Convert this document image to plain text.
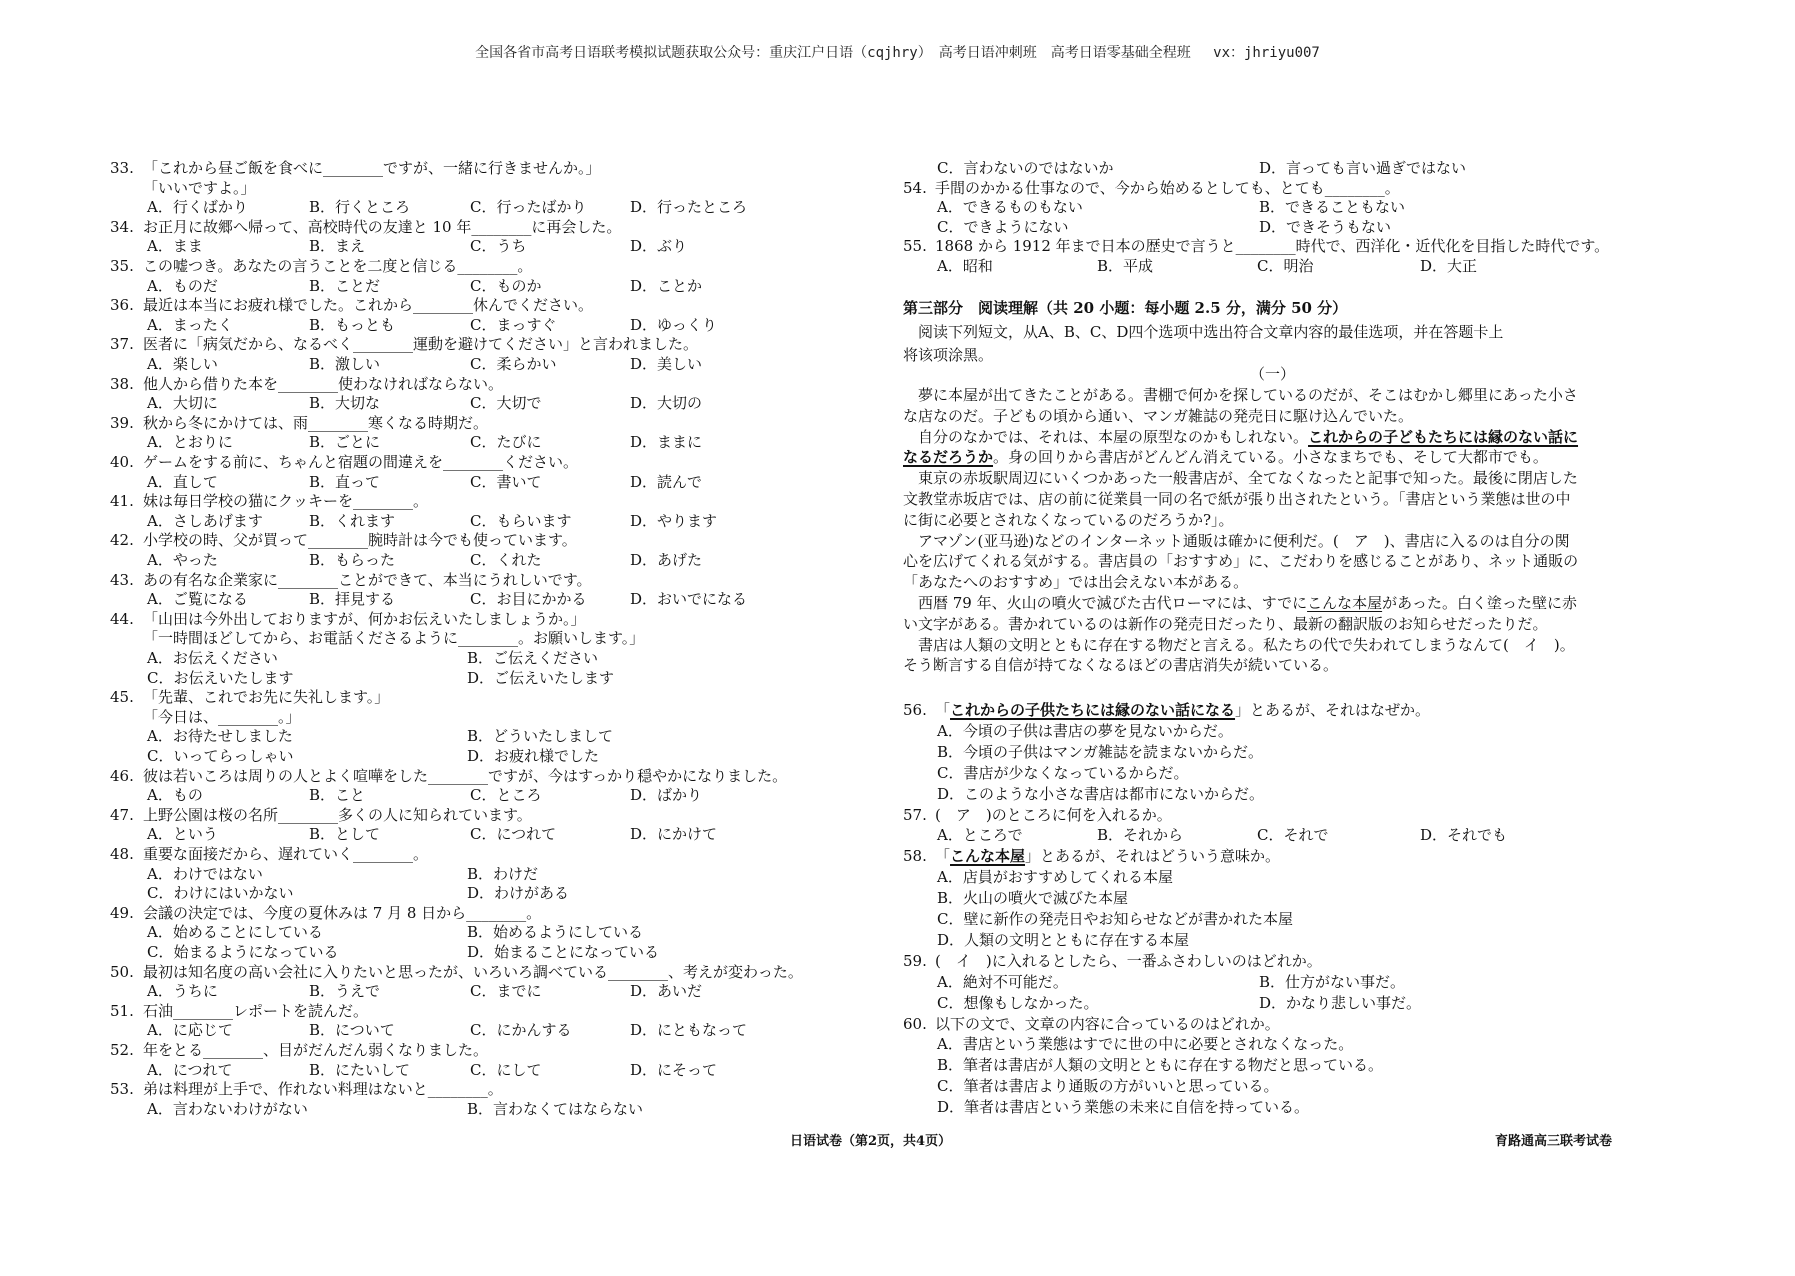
全国各省市高考日语联考模拟试题获取公众号：重庆江户日语（cqjhry）　高考日语冲刺班　高考日语零基础全程班　 vx：jhriyu007
33. 「これから昼ご飯を食べに________ですが、一緒に行きませんか。」
「いいですよ。」
A．行くばかり	B．行くところ	C．行ったばかり	D．行ったところ
34. お正月に故郷へ帰って、高校時代の友達と 10 年________に再会した。
A．まま	B．まえ	C．うち	D．ぶり
35. この嘘つき。あなたの言うことを二度と信じる________。
A．ものだ	B．ことだ	C．ものか	D．ことか
36. 最近は本当にお疲れ様でした。これから________休んでください。
A．まったく	B．もっとも	C．まっすぐ	D．ゆっくり
37. 医者に「病気だから、なるべく________運動を避けてください」と言われました。
A．楽しい	B．激しい	C．柔らかい	D．美しい
38. 他人から借りた本を________使わなければならない。
A．大切に	B．大切な	C．大切で	D．大切の
39. 秋から冬にかけては、雨________寒くなる時期だ。
A．とおりに	B．ごとに	C．たびに	D．ままに
40. ゲームをする前に、ちゃんと宿題の間違えを________ください。
A．直して	B．直って	C．書いて	D．読んで
41. 妹は毎日学校の猫にクッキーを________。
A．さしあげます	B．くれます	C．もらいます	D．やります
42. 小学校の時、父が買って________腕時計は今でも使っています。
A．やった	B．もらった	C．くれた	D．あげた
43. あの有名な企業家に________ことができて、本当にうれしいです。
A．ご覧になる	B．拝見する	C．お目にかかる	D．おいでになる
44. 「山田は今外出しておりますが、何かお伝えいたしましょうか。」
「一時間ほどしてから、お電話くださるように________。お願いします。」
A．お伝えください	B．ご伝えください
C．お伝えいたします	D．ご伝えいたします
45. 「先輩、これでお先に失礼します。」
「今日は、________。」
A．お待たせしました	B．どういたしまして
C．いってらっしゃい	D．お疲れ様でした
46. 彼は若いころは周りの人とよく喧嘩をした________ですが、今はすっかり穏やかになりました。
A．もの	B．こと	C．ところ	D．ばかり
47. 上野公園は桜の名所________多くの人に知られています。
A．という	B．として	C．につれて	D．にかけて
48. 重要な面接だから、遅れていく________。
A．わけではない	B．わけだ
C．わけにはいかない	D．わけがある
49. 会議の決定では、今度の夏休みは 7 月 8 日から________。
A．始めることにしている	B．始めるようにしている
C．始まるようになっている	D．始まることになっている
50. 最初は知名度の高い会社に入りたいと思ったが、いろいろ調べている________、考えが変わった。
A．うちに	B．うえで	C．までに	D．あいだ
51. 石油________レポートを読んだ。
A．に応じて	B．について	C．にかんする	D．にともなって
52. 年をとる________、目がだんだん弱くなりました。
A．につれて	B．にたいして	C．にして	D．にそって
53. 弟は料理が上手で、作れない料理はないと________。
A．言わないわけがない	B．言わなくてはならない
C．言わないのではないか	D．言っても言い過ぎではない
54. 手間のかかる仕事なので、今から始めるとしても、とても________。
A．できるものもない	B．できることもない
C．できようにない	D．できそうもない
55. 1868 から 1912 年まで日本の歴史で言うと________時代で、西洋化・近代化を目指した時代です。
A．昭和	B．平成	C．明治	D．大正
第三部分　阅读理解（共 20 小题：每小题 2.5 分，满分 50 分）
　阅读下列短文，从A、B、C、D四个选项中选出符合文章内容的最佳选项，并在答题卡上
将该项涂黑。
（一）
　夢に本屋が出てきたことがある。書棚で何かを探しているのだが、そこはむかし郷里にあった小さ
な店なのだ。子どもの頃から通い、マンガ雑誌の発売日に駆け込んでいた。
　自分のなかでは、それは、本屋の原型なのかもしれない。これからの子どもたちには縁のない話に
なるだろうか。身の回りから書店がどんどん消えている。小さなまちでも、そして大都市でも。
　東京の赤坂駅周辺にいくつかあった一般書店が、全てなくなったと記事で知った。最後に閉店した
文教堂赤坂店では、店の前に従業員一同の名で紙が張り出されたという。「書店という業態は世の中
に街に必要とされなくなっているのだろうか?」。
　アマゾン(亚马逊)などのインターネット通販は確かに便利だ。(　ア　)、書店に入るのは自分の関
心を広げてくれる気がする。書店員の「おすすめ」に、こだわりを感じることがあり、ネット通販の
「あなたへのおすすめ」では出会えない本がある。
　西暦 79 年、火山の噴火で滅びた古代ローマには、すでにこんな本屋があった。白く塗った壁に赤
い文字がある。書かれているのは新作の発売日だったり、最新の翻訳版のお知らせだったりだ。
　書店は人類の文明とともに存在する物だと言える。私たちの代で失われてしまうなんて(　イ　)。
そう断言する自信が持てなくなるほどの書店消失が続いている。
56. 「これからの子供たちには縁のない話になる」とあるが、それはなぜか。
A．今頃の子供は書店の夢を見ないからだ。
B．今頃の子供はマンガ雑誌を読まないからだ。
C．書店が少なくなっているからだ。
D．このような小さな書店は都市にないからだ。
57. (　ア　)のところに何を入れるか。
A．ところで	B．それから	C．それで	D．それでも
58. 「こんな本屋」とあるが、それはどういう意味か。
A．店員がおすすめしてくれる本屋
B．火山の噴火で滅びた本屋
C．壁に新作の発売日やお知らせなどが書かれた本屋
D．人類の文明とともに存在する本屋
59. (　イ　)に入れるとしたら、一番ふさわしいのはどれか。
A．絶対不可能だ。	B．仕方がない事だ。
C．想像もしなかった。	D．かなり悲しい事だ。
60. 以下の文で、文章の内容に合っているのはどれか。
A．書店という業態はすでに世の中に必要とされなくなった。
B．筆者は書店が人類の文明とともに存在する物だと思っている。
C．筆者は書店より通販の方がいいと思っている。
D．筆者は書店という業態の未来に自信を持っている。
日语试卷（第2页，共4页）	育路通高三联考试卷
